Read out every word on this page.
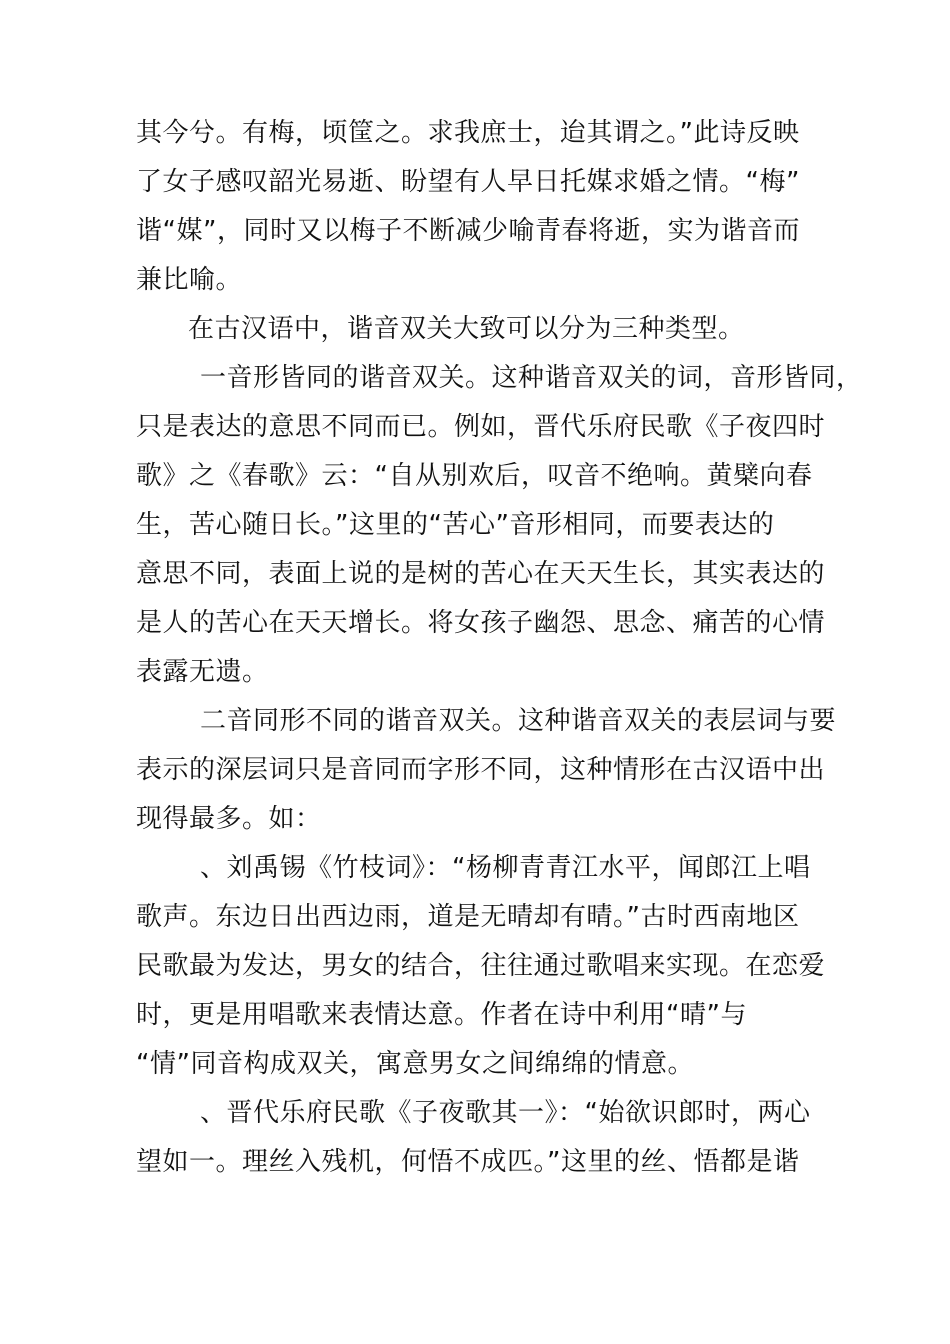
其今兮。有梅，顷筐之。求我庶士，迨其谓之。”此诗反映
了女子感叹韶光易逝、盼望有人早日托媒求婚之情。“梅”
谐“媒”，同时又以梅子不断减少喻青春将逝，实为谐音而
兼比喻。
在古汉语中，谐音双关大致可以分为三种类型。
一音形皆同的谐音双关。这种谐音双关的词，音形皆同，
只是表达的意思不同而已。例如，晋代乐府民歌《子夜四时
歌》之《春歌》云：“自从别欢后，叹音不绝响。黄檗向春
生，苦心随日长。”这里的“苦心”音形相同，而要表达的
意思不同，表面上说的是树的苦心在天天生长，其实表达的
是人的苦心在天天增长。将女孩子幽怨、思念、痛苦的心情
表露无遗。
二音同形不同的谐音双关。这种谐音双关的表层词与要
表示的深层词只是音同而字形不同，这种情形在古汉语中出
现得最多。如：
、刘禹锡《竹枝词》：“杨柳青青江水平，闻郎江上唱
歌声。东边日出西边雨，道是无晴却有晴。”古时西南地区
民歌最为发达，男女的结合，往往通过歌唱来实现。在恋爱
时，更是用唱歌来表情达意。作者在诗中利用“晴”与
“情”同音构成双关，寓意男女之间绵绵的情意。
、晋代乐府民歌《子夜歌其一》：“始欲识郎时，两心
望如一。理丝入残机，何悟不成匹。”这里的丝、悟都是谐
